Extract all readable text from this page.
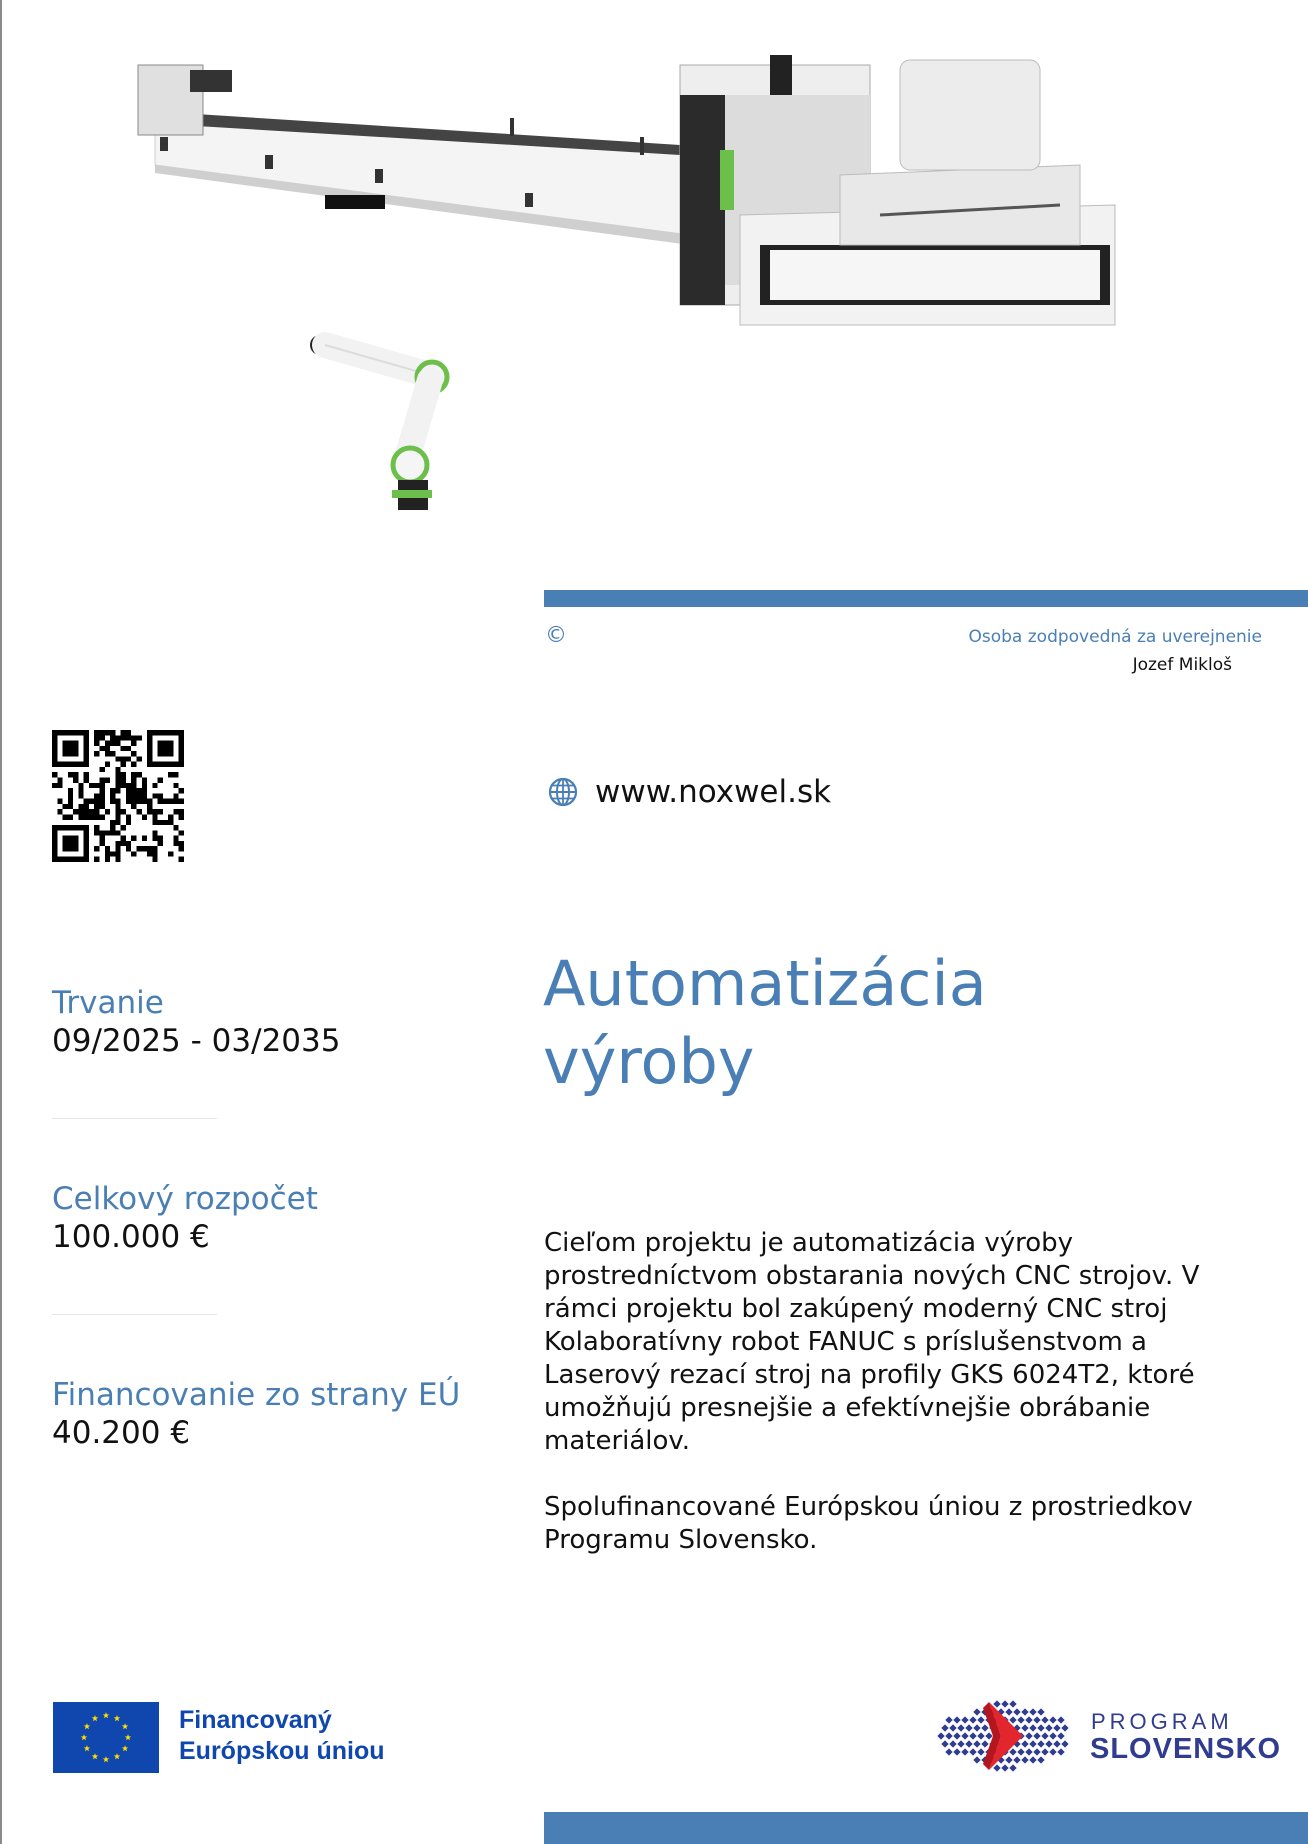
©	Osoba zodpovedná za uverejnenie
Jozef Mikloš
www.noxwel.sk
Trvanie
09/2025 - 03/2035
Celkový rozpočet
100.000 €
Financovanie zo strany EÚ
40.200 €
Automatizácia
výroby

Cieľom projektu je automatizácia výroby prostredníctvom obstarania nových CNC strojov. V rámci projektu bol zakúpený moderný CNC stroj Kolaboratívny robot FANUC s príslušenstvom a Laserový rezací stroj na profily GKS 6024T2, ktoré umožňujú presnejšie a efektívnejšie obrábanie materiálov.

Spolufinancované Európskou úniou z prostriedkov Programu Slovensko.

Financovaný
Európskou úniou
PROGRAM
SLOVENSKO
